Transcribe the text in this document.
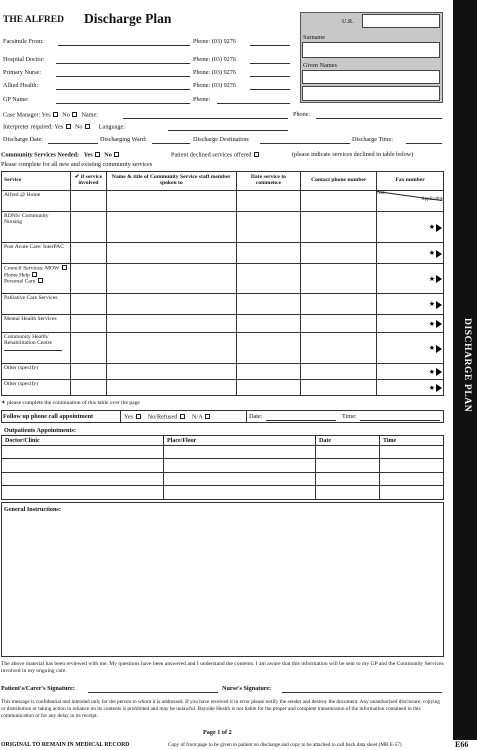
THE ALFRED Discharge Plan	U.R.
Surname
Given Names
Facsimile From:	Phone: (03) 9276
Hospital Doctor:	Phone: (03) 9276
Primary Nurse:	Phone: (03) 9276
Allied Health:	Phone: (03) 9276
GP Name:	Phone:
Case Manager: Yes No Name:	Phone:
Interpreter required: Yes No	Language:
Discharge Date:	Discharging Ward:	Discharge Destination:	Discharge Time:
Community Services Needed: Yes No	Patient declined services offered	(please indicate services declined in table below)
Please complete for all new and existing community services
Service	✔ if service involved	Name & title of Community Service staff member spoken to	Date service to commence	Contact phone number	Fax number
Alfred @ Home					Not
Applicable

RDNS/ Community Nursing					★

Post Acute Care/ InterPAC					★

Council Services: MOW
Home Help
Personal Care					★

Palliative Care Services					★

Mental Health Services					★

Community Health/ Rehabilitation Centre					★

Other (specify)					★

Other (specify)					★
✶ please complete the continuation of this table over the page
Follow up phone call appointment	Yes No/Refused N/A	Date:	Time:
Outpatients Appointments:
Doctor/Clinic	Place/Floor	Date	Time

General Instructions:
The above material has been reviewed with me. My questions have been answered and I understand the contents. I am aware that this information will be sent to my GP and the Community Services involved in my ongoing care.
Patient's/Carer's Signature:	Nurse's Signature:
This message is confidential and intended only for the person to whom it is addressed. If you have received it in error please notify the sender and destroy the document. Any unauthorised disclosure, copying or distribution or taking action in reliance on its contents is prohibited and may be unlawful. Bayside Health is not liable for the proper and complete transmission of the information contained in this communication or for any delay in its receipt.
Page 1 of 2
ORIGINAL TO REMAIN IN MEDICAL RECORD	Copy of front page to be given to patient on discharge and copy to be attached to call back data sheet (MR E-57)	E66
DISCHARGE PLAN
